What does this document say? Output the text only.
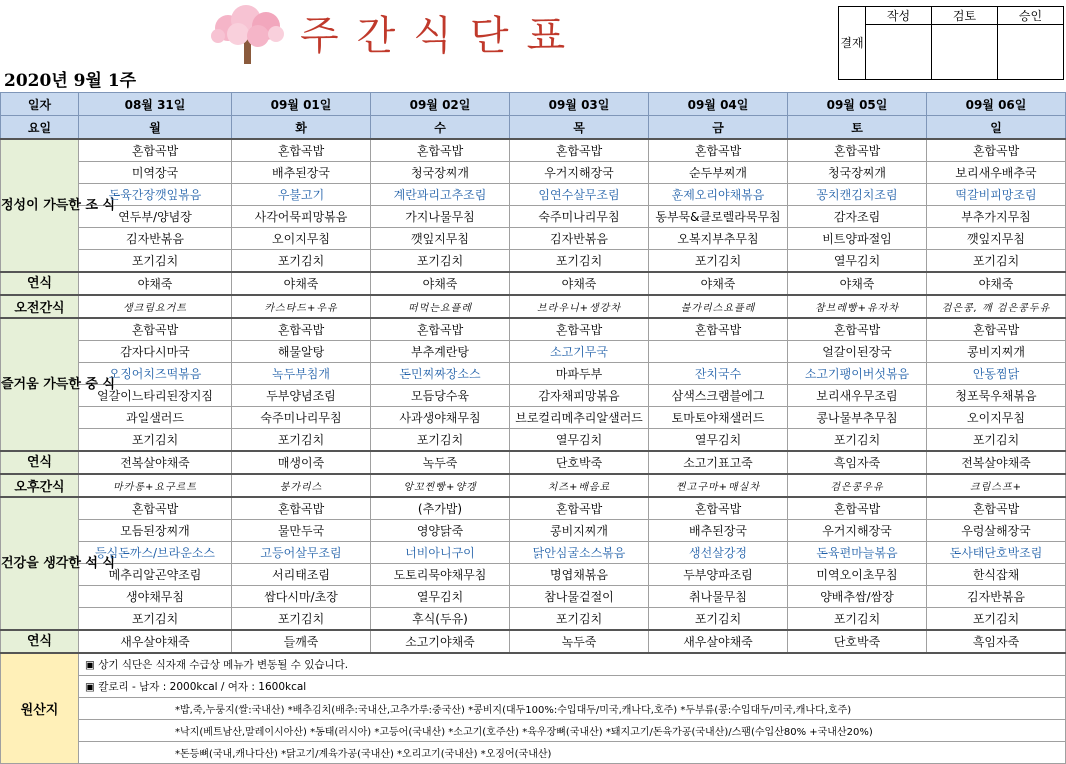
주간식단표
2020년 9월 1주
결재	작성	검토	승인

일자	08월 31일	09월 01일	09월 02일	09월 03일	09월 04일	09월 05일	09월 06일
요일	월	화	수	목	금	토	일
정성이 가득한 조 식	혼합곡밥	혼합곡밥	혼합곡밥	혼합곡밥	혼합곡밥	혼합곡밥	혼합곡밥
	미역장국	배추된장국	청국장찌개	우거지해장국	순두부찌개	청국장찌개	보리새우배추국
	돈육간장깻잎볶음	우불고기	계란꽈리고추조림	임연수살무조림	훈제오리야채볶음	꽁치캔김치조림	떡갈비피망조림
	연두부/양념장	사각어묵피망볶음	가지나물무침	숙주미나리무침	동부묵&클로렐라묵무침	감자조림	부추가지무침
	김자반볶음	오이지무침	깻잎지무침	김자반볶음	오복지부추무침	비트양파절임	깻잎지무침
	포기김치	포기김치	포기김치	포기김치	포기김치	열무김치	포기김치
연식	야채죽	야채죽	야채죽	야채죽	야채죽	야채죽	야채죽
오전간식	생크림요거트	카스타드+우유	떠먹는요플레	브라우니+생강차	불가리스요플레	참브레빵+유자차	검은콩, 깨 검은콩두유
즐거움 가득한 중 식	혼합곡밥	혼합곡밥	혼합곡밥	혼합곡밥	혼합곡밥	혼합곡밥	혼합곡밥
	감자다시마국	해물알탕	부추계란탕	소고기무국		얼갈이된장국	콩비지찌개
	오징어치즈떡볶음	녹두부침개	돈민찌짜장소스	마파두부	잔치국수	소고기팽이버섯볶음	안동찜닭
	얼갈이느타리된장지짐	두부양념조림	모듬당수육	감자채피망볶음	삼색스크램블에그	보리새우무조림	청포묵우채볶음
	과일샐러드	숙주미나리무침	사과생야채무침	브로컬리메추리알샐러드	토마토야채샐러드	콩나물부추무침	오이지무침
	포기김치	포기김치	포기김치	열무김치	열무김치	포기김치	포기김치
연식	전복살야채죽	매생이죽	녹두죽	단호박죽	소고기표고죽	흑임자죽	전복살야채죽
오후간식	마카롱+요구르트	붕가리스	앙꼬찐빵+양갱	치즈+배음료	찐고구마+매실차	검은콩우유	크림스프+
건강을 생각한 석 식	혼합곡밥	혼합곡밥	(추가밥)	혼합곡밥	혼합곡밥	혼합곡밥	혼합곡밥
	모듬된장찌개	물만두국	영양닭죽	콩비지찌개	배추된장국	우거지해장국	우렁살해장국
	등심돈까스/브라운소스	고등어살무조림	너비아니구이	닭안심굴소스볶음	생선살강정	돈육편마늘볶음	돈사태단호박조림
	메추리알곤약조림	서리태조림	도토리묵야채무침	명엽채볶음	두부양파조림	미역오이초무침	한식잡채
	생야채무침	쌈다시마/초장	열무김치	참나물겉절이	취나물무침	양배추쌈/쌈장	김자반볶음
	포기김치	포기김치	후식(두유)	포기김치	포기김치	포기김치	포기김치
연식	새우살야채죽	들깨죽	소고기야채죽	녹두죽	새우살야채죽	단호박죽	흑임자죽
원산지	▣ 상기 식단은 식자재 수급상 메뉴가 변동될 수 있습니다.						
	▣ 칼로리 - 남자 : 2000kcal / 여자 : 1600kcal						
	*밥,죽,누룽지(쌀:국내산) *배추김치(배추:국내산,고추가루:중국산) *콩비지(대두100%:수입대두/미국,캐나다,호주) *두부류(콩:수입대두/미국,캐나다,호주)						
	*낙지(베트남산,말레이시아산) *동태(러시아) *고등어(국내산) *소고기(호주산) *육우장뼈(국내산) *돼지고기/돈육가공(국내산)/스팸(수입산80% +국내산20%)						
	*돈등뼈(국내,캐나다산) *닭고기/계육가공(국내산) *오리고기(국내산) *오징어(국내산)						
